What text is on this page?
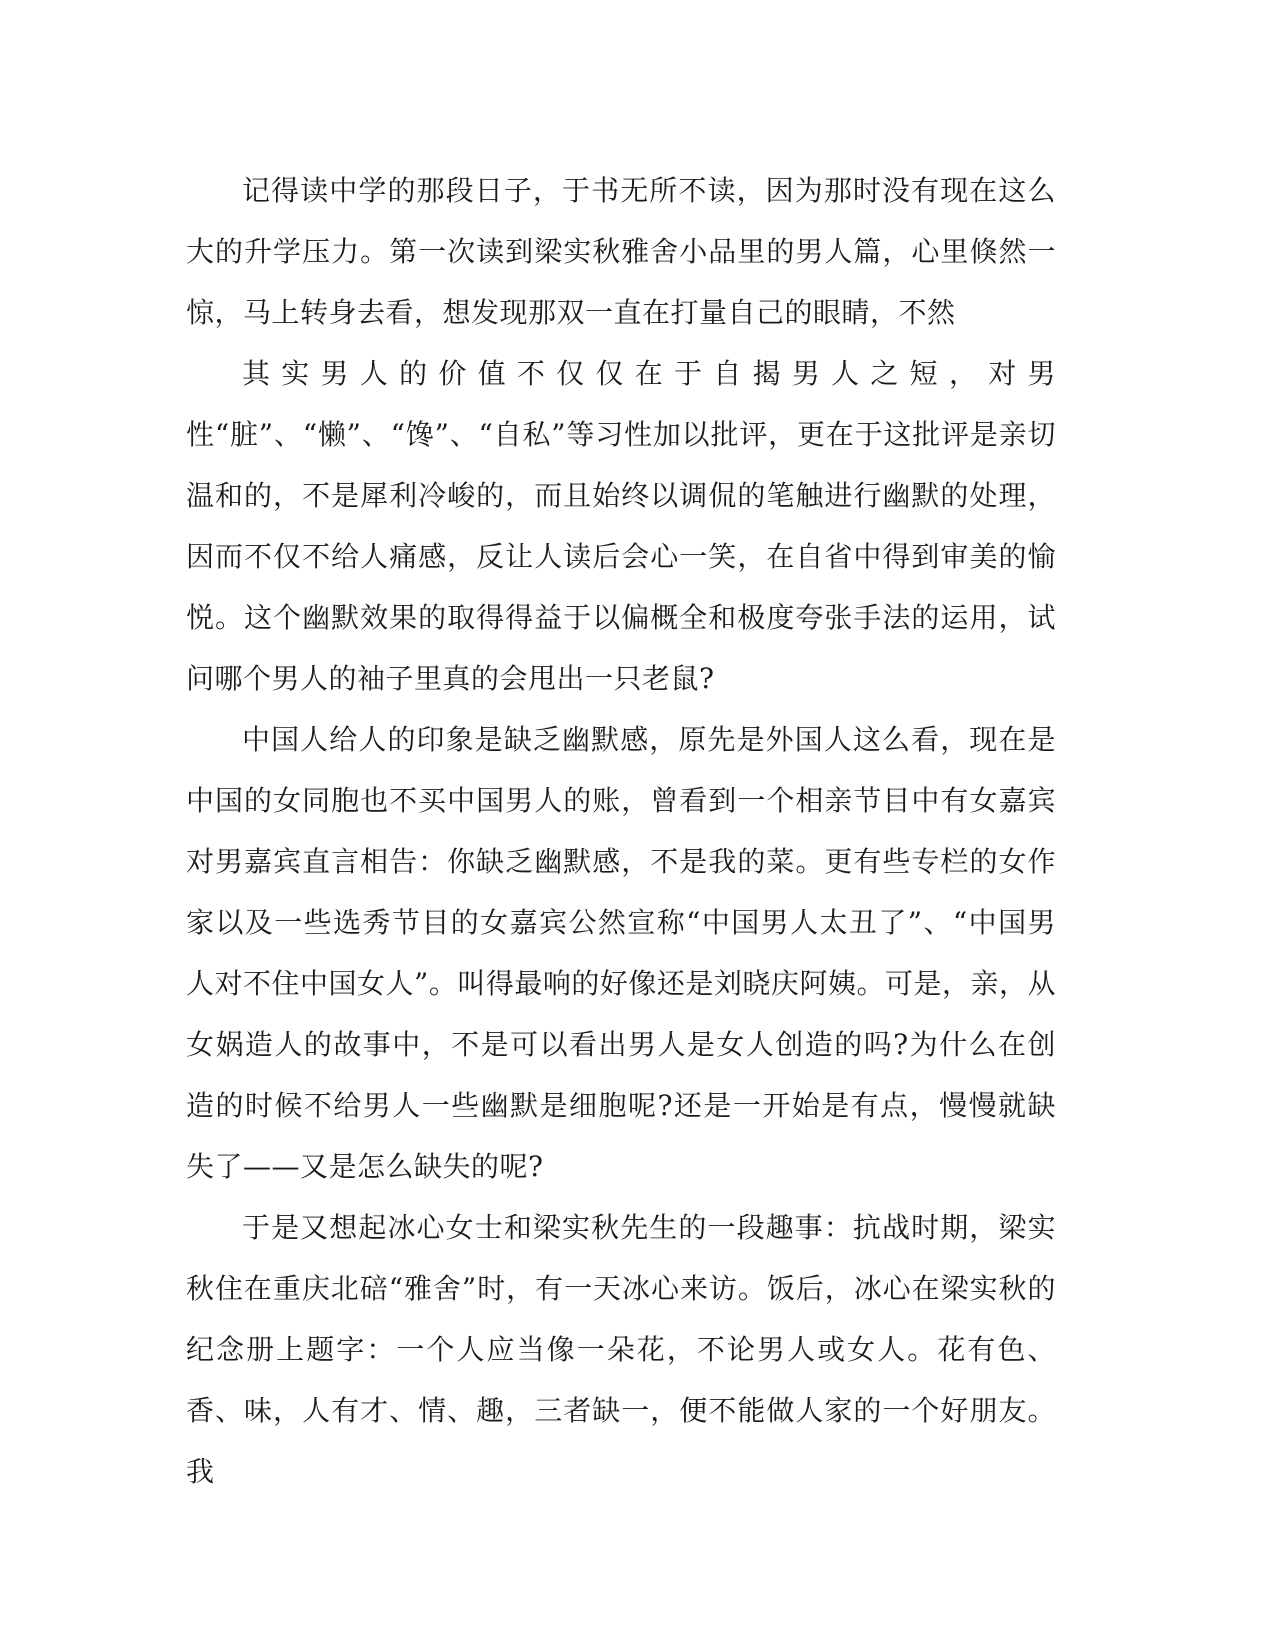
记得读中学的那段日子，于书无所不读，因为那时没有现在这么大的升学压力。第一次读到梁实秋雅舍小品里的男人篇，心里倏然一惊，马上转身去看，想发现那双一直在打量自己的眼睛，不然

其实男人的价值不仅仅在于自揭男人之短，对男性“脏”、“懒”、“馋”、“自私”等习性加以批评，更在于这批评是亲切温和的，不是犀利冷峻的，而且始终以调侃的笔触进行幽默的处理，因而不仅不给人痛感，反让人读后会心一笑，在自省中得到审美的愉悦。这个幽默效果的取得得益于以偏概全和极度夸张手法的运用，试问哪个男人的袖子里真的会甩出一只老鼠?

中国人给人的印象是缺乏幽默感，原先是外国人这么看，现在是中国的女同胞也不买中国男人的账，曾看到一个相亲节目中有女嘉宾对男嘉宾直言相告：你缺乏幽默感，不是我的菜。更有些专栏的女作家以及一些选秀节目的女嘉宾公然宣称“中国男人太丑了”、“中国男人对不住中国女人”。叫得最响的好像还是刘晓庆阿姨。可是，亲，从女娲造人的故事中，不是可以看出男人是女人创造的吗?为什么在创造的时候不给男人一些幽默是细胞呢?还是一开始是有点，慢慢就缺失了——又是怎么缺失的呢?

于是又想起冰心女士和梁实秋先生的一段趣事：抗战时期，梁实秋住在重庆北碚“雅舍”时，有一天冰心来访。饭后，冰心在梁实秋的纪念册上题字：一个人应当像一朵花，不论男人或女人。花有色、香、味，人有才、情、趣，三者缺一，便不能做人家的一个好朋友。我
